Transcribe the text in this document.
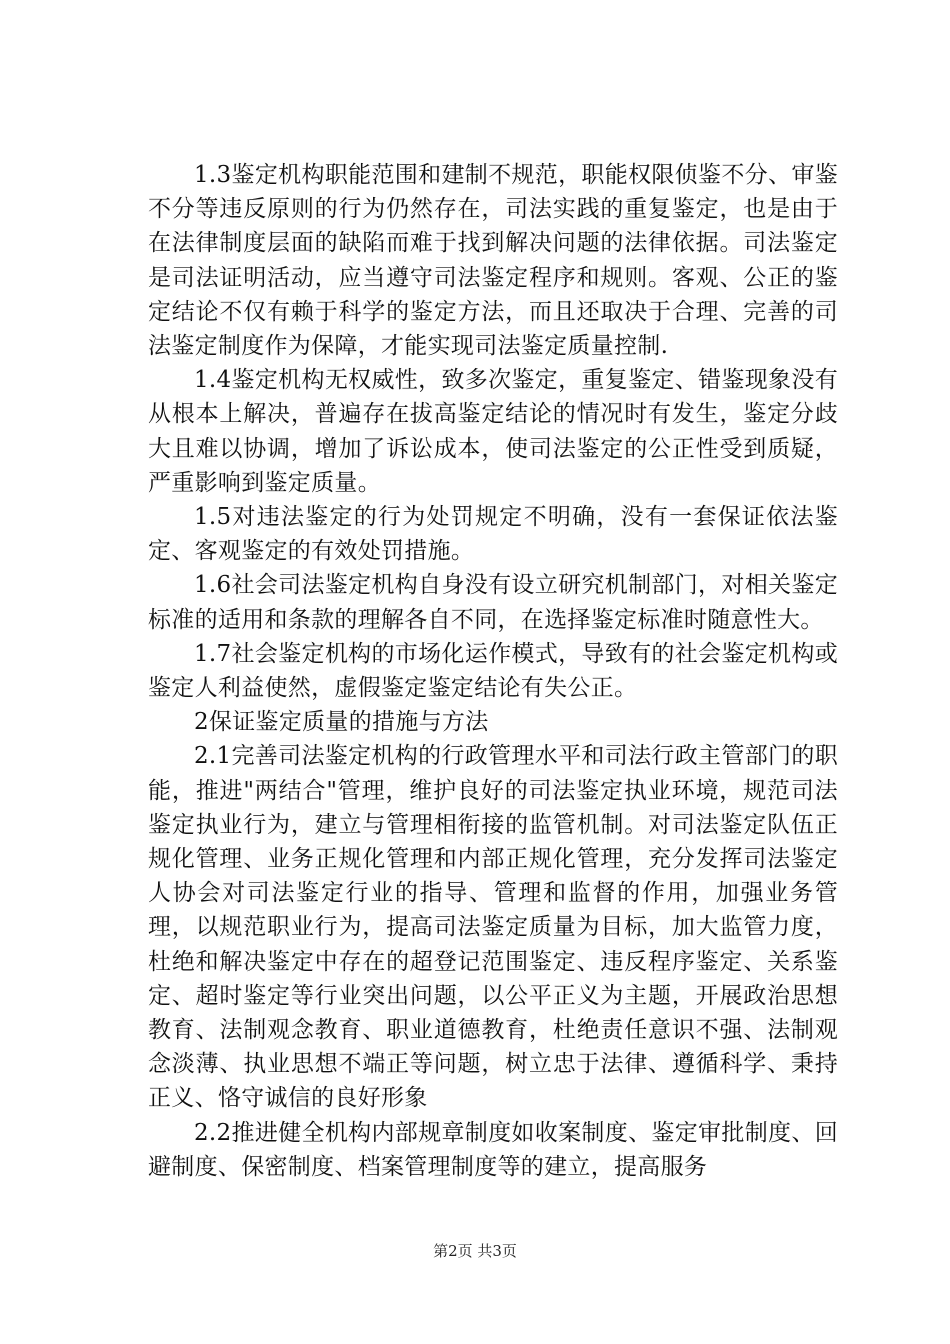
1.3鉴定机构职能范围和建制不规范，职能权限侦鉴不分、审鉴不分等违反原则的行为仍然存在，司法实践的重复鉴定，也是由于在法律制度层面的缺陷而难于找到解决问题的法律依据。司法鉴定是司法证明活动，应当遵守司法鉴定程序和规则。客观、公正的鉴定结论不仅有赖于科学的鉴定方法，而且还取决于合理、完善的司法鉴定制度作为保障，才能实现司法鉴定质量控制.

1.4鉴定机构无权威性，致多次鉴定，重复鉴定、错鉴现象没有从根本上解决，普遍存在拔高鉴定结论的情况时有发生，鉴定分歧大且难以协调，增加了诉讼成本，使司法鉴定的公正性受到质疑，严重影响到鉴定质量。

1.5对违法鉴定的行为处罚规定不明确，没有一套保证依法鉴定、客观鉴定的有效处罚措施。

1.6社会司法鉴定机构自身没有设立研究机制部门，对相关鉴定标准的适用和条款的理解各自不同，在选择鉴定标准时随意性大。

1.7社会鉴定机构的市场化运作模式，导致有的社会鉴定机构或鉴定人利益使然，虚假鉴定鉴定结论有失公正。

2保证鉴定质量的措施与方法

2.1完善司法鉴定机构的行政管理水平和司法行政主管部门的职能，推进"两结合"管理，维护良好的司法鉴定执业环境，规范司法鉴定执业行为，建立与管理相衔接的监管机制。对司法鉴定队伍正规化管理、业务正规化管理和内部正规化管理，充分发挥司法鉴定人协会对司法鉴定行业的指导、管理和监督的作用，加强业务管理，以规范职业行为，提高司法鉴定质量为目标，加大监管力度，杜绝和解决鉴定中存在的超登记范围鉴定、违反程序鉴定、关系鉴定、超时鉴定等行业突出问题，以公平正义为主题，开展政治思想教育、法制观念教育、职业道德教育，杜绝责任意识不强、法制观念淡薄、执业思想不端正等问题，树立忠于法律、遵循科学、秉持正义、恪守诚信的良好形象

2.2推进健全机构内部规章制度如收案制度、鉴定审批制度、回避制度、保密制度、档案管理制度等的建立，提高服务

第2页 共3页
